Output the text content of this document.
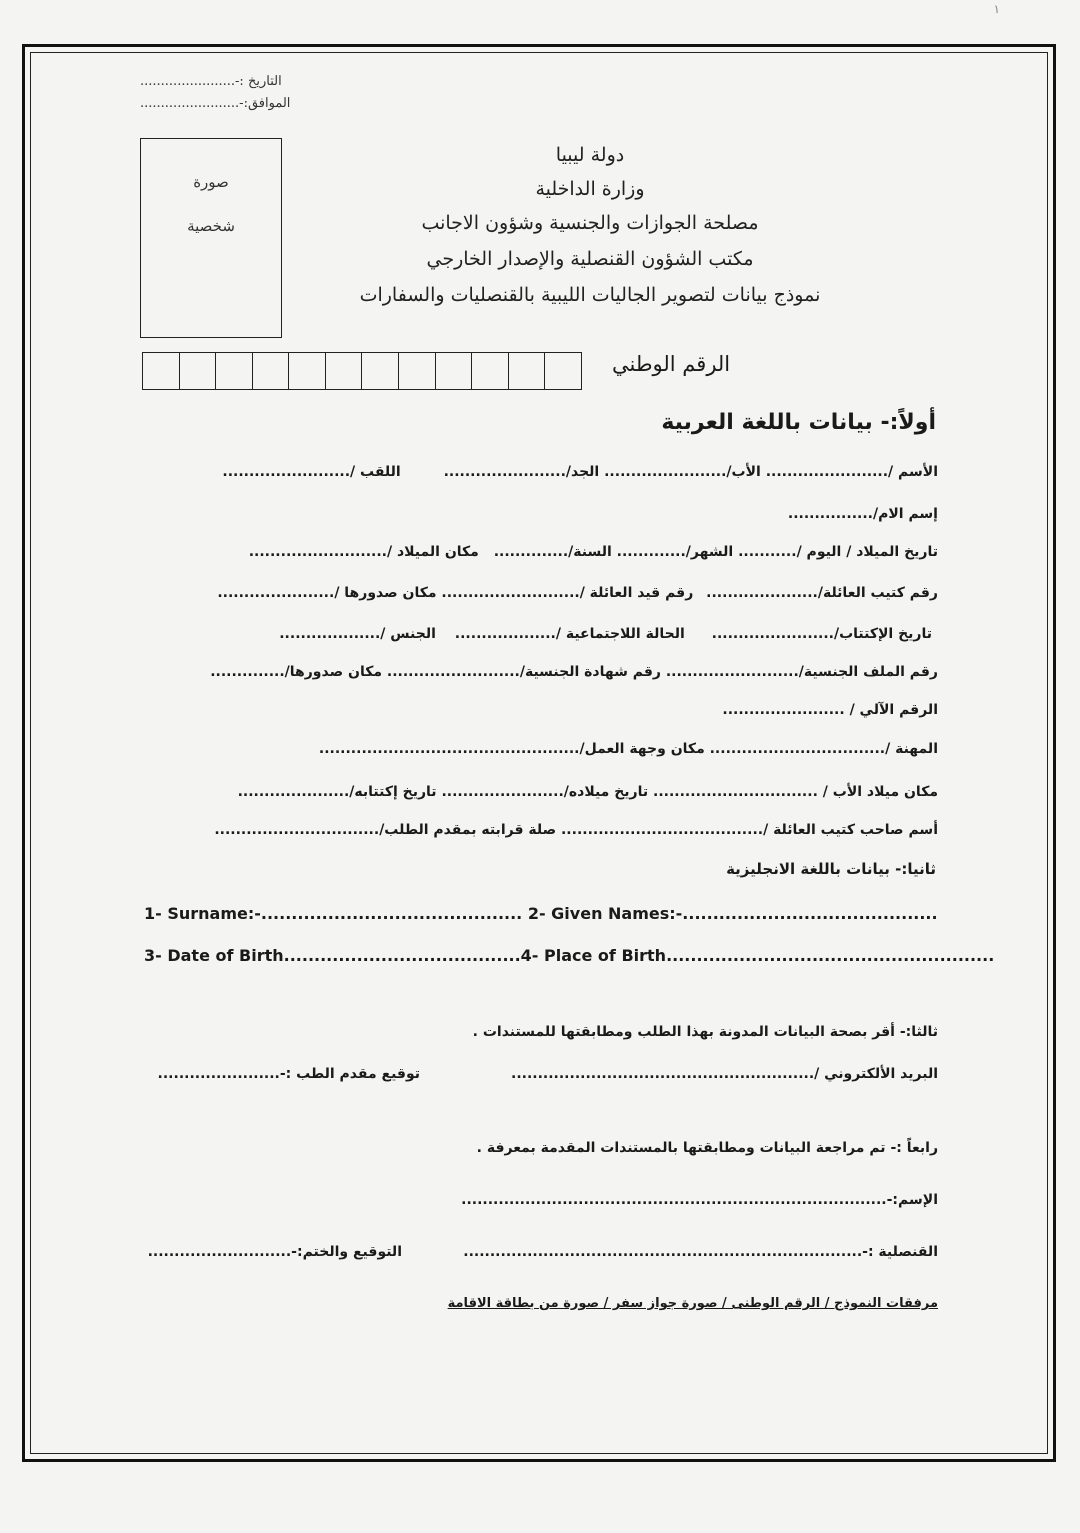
١
التاريخ :-.......................
الموافق:-........................
صورة
شخصية
دولة ليبيا
وزارة الداخلية
مصلحة الجوازات والجنسية وشؤون الاجانب
مكتب الشؤون القنصلية والإصدار الخارجي
نموذج بيانات لتصوير الجاليات الليبية بالقنصليات والسفارات
الرقم الوطني
أولاً:- بيانات باللغة العربية
الأسم /....................... الأب/....................... الجد/....................... اللقب /........................
إسم الام/................
تاريخ الميلاد / اليوم /........... الشهر/............. السنة/.............. مكان الميلاد /..........................
رقم كتيب العائلة/..................... رقم قيد العائلة /.......................... مكان صدورها /......................
تاريخ الإكتتاب/....................... الحالة اللاجتماعية /................... الجنس /...................
رقم الملف الجنسية/......................... رقم شهادة الجنسية/......................... مكان صدورها/..............
الرقم الآلي / .......................
المهنة /................................. مكان وجهة العمل/.................................................
مكان ميلاد الأب / ............................... تاريخ ميلاده/....................... تاريخ إكتتابه/.....................
أسم صاحب كتيب العائلة /...................................... صلة قرابته بمقدم الطلب/...............................
ثانيا:- بيانات باللغة الانجليزية
1- Surname:-........................................... 2- Given Names:-..........................................
3- Date of Birth.......................................4- Place of Birth......................................................
ثالثا:- أقر بصحة البيانات المدونة بهذا الطلب ومطابقتها للمستندات .
البريد الألكتروني /.........................................................
توقيع مقدم الطب :-.......................
رابعاً :- تم مراجعة البيانات ومطابقتها بالمستندات المقدمة بمعرفة .
الإسم:-................................................................................
القنصلية :-...........................................................................
التوقيع والختم:-...........................
مرفقات النموذج / الرقم الوطنى / صورة جواز سفر / صورة من بطاقة الاقامة
